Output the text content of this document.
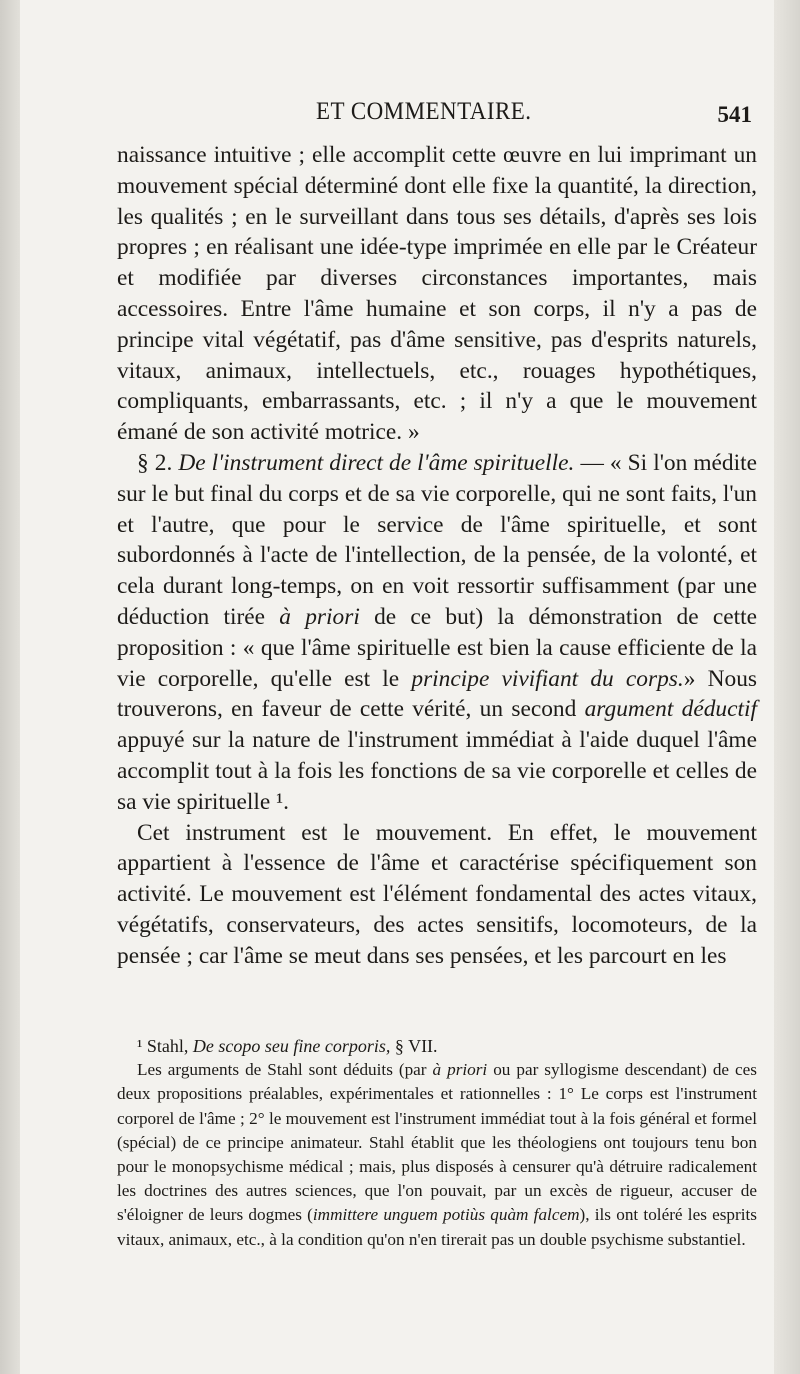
ET COMMENTAIRE.	541

naissance intuitive ; elle accomplit cette œuvre en lui imprimant un mouvement spécial déterminé dont elle fixe la quantité, la direction, les qualités ; en le surveillant dans tous ses détails, d'après ses lois propres ; en réalisant une idée-type imprimée en elle par le Créateur et modifiée par diverses circonstances importantes, mais accessoires. Entre l'âme humaine et son corps, il n'y a pas de principe vital végétatif, pas d'âme sensitive, pas d'esprits naturels, vitaux, animaux, intellectuels, etc., rouages hypothétiques, compliquants, embarrassants, etc. ; il n'y a que le mouvement émané de son activité motrice. »

§ 2. De l'instrument direct de l'âme spirituelle. — « Si l'on médite sur le but final du corps et de sa vie corporelle, qui ne sont faits, l'un et l'autre, que pour le service de l'âme spirituelle, et sont subordonnés à l'acte de l'intellection, de la pensée, de la volonté, et cela durant long-temps, on en voit ressortir suffisamment (par une déduction tirée à priori de ce but) la démonstration de cette proposition : « que l'âme spirituelle est bien la cause efficiente de la vie corporelle, qu'elle est le principe vivifiant du corps.» Nous trouverons, en faveur de cette vérité, un second argument déductif appuyé sur la nature de l'instrument immédiat à l'aide duquel l'âme accomplit tout à la fois les fonctions de sa vie corporelle et celles de sa vie spirituelle ¹.

Cet instrument est le mouvement. En effet, le mouvement appartient à l'essence de l'âme et caractérise spécifiquement son activité. Le mouvement est l'élément fondamental des actes vitaux, végétatifs, conservateurs, des actes sensitifs, locomoteurs, de la pensée ; car l'âme se meut dans ses pensées, et les parcourt en les

¹ Stahl, De scopo seu fine corporis, § VII.

Les arguments de Stahl sont déduits (par à priori ou par syllogisme descendant) de ces deux propositions préalables, expérimentales et rationnelles : 1° Le corps est l'instrument corporel de l'âme ; 2° le mouvement est l'instrument immédiat tout à la fois général et formel (spécial) de ce principe animateur. Stahl établit que les théologiens ont toujours tenu bon pour le monopsychisme médical ; mais, plus disposés à censurer qu'à détruire radicalement les doctrines des autres sciences, que l'on pouvait, par un excès de rigueur, accuser de s'éloigner de leurs dogmes (immittere unguem potiùs quàm falcem), ils ont toléré les esprits vitaux, animaux, etc., à la condition qu'on n'en tirerait pas un double psychisme substantiel.
